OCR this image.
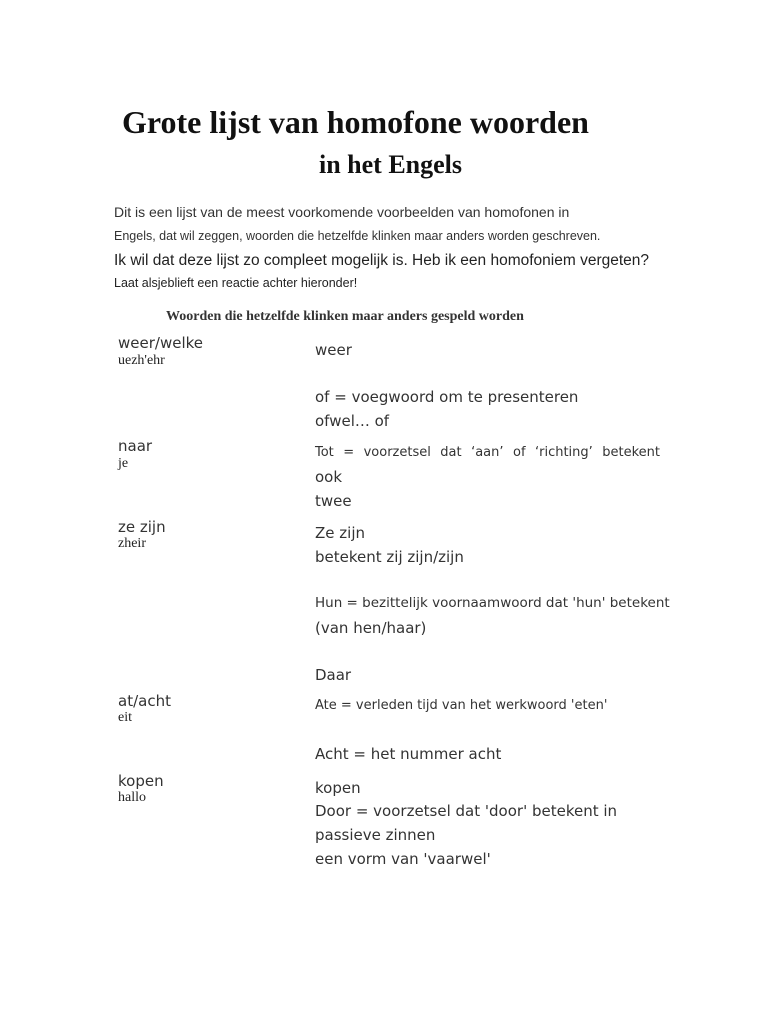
Grote lijst van homofone woorden
in het Engels
Dit is een lijst van de meest voorkomende voorbeelden van homofonen in
Engels, dat wil zeggen, woorden die hetzelfde klinken maar anders worden geschreven.
Ik wil dat deze lijst zo compleet mogelijk is. Heb ik een homofoniem vergeten?
Laat alsjeblieft een reactie achter hieronder!
Woorden die hetzelfde klinken maar anders gespeld worden
weer/welke
uezh'ehr
naar
je
ze zijn
zheir
at/acht
eit
kopen
hallo
weer
of = voegwoord om te presenteren
ofwel… of
Tot = voorzetsel dat ‘aan’ of ‘richting’ betekent
ook
twee
Ze zijn
betekent zij zijn/zijn
Hun = bezittelijk voornaamwoord dat 'hun' betekent
(van hen/haar)
Daar
Ate = verleden tijd van het werkwoord 'eten'
Acht = het nummer acht
kopen
Door = voorzetsel dat 'door' betekent in
passieve zinnen
een vorm van 'vaarwel'
